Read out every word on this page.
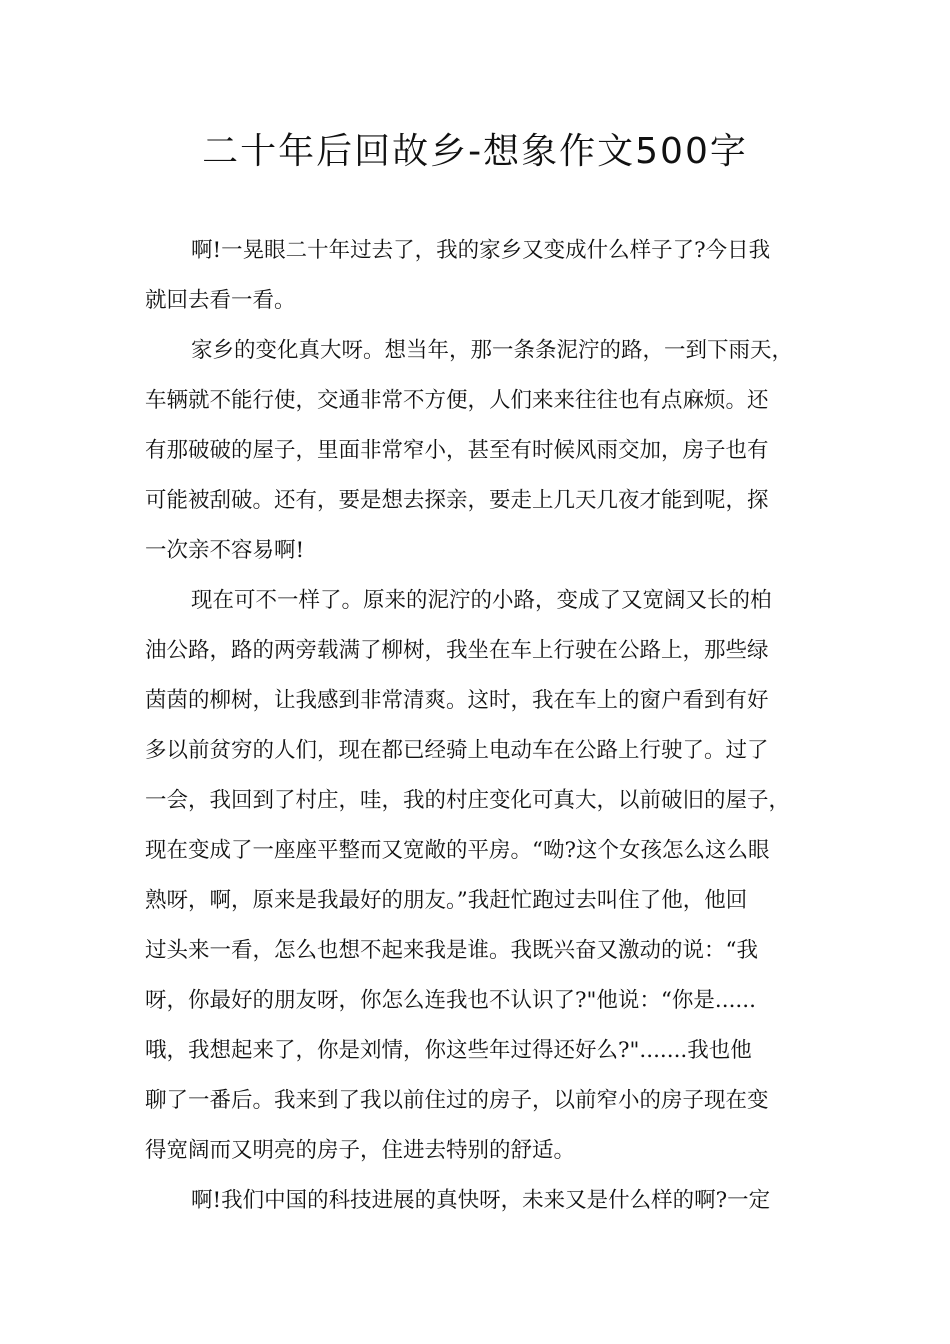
二十年后回故乡-想象作文500字
啊!一晃眼二十年过去了，我的家乡又变成什么样子了?今日我
就回去看一看。
家乡的变化真大呀。想当年，那一条条泥泞的路，一到下雨天，
车辆就不能行使，交通非常不方便，人们来来往往也有点麻烦。还
有那破破的屋子，里面非常窄小，甚至有时候风雨交加，房子也有
可能被刮破。还有，要是想去探亲，要走上几天几夜才能到呢，探
一次亲不容易啊!
现在可不一样了。原来的泥泞的小路，变成了又宽阔又长的柏
油公路，路的两旁载满了柳树，我坐在车上行驶在公路上，那些绿
茵茵的柳树，让我感到非常清爽。这时，我在车上的窗户看到有好
多以前贫穷的人们，现在都已经骑上电动车在公路上行驶了。过了
一会，我回到了村庄，哇，我的村庄变化可真大，以前破旧的屋子，
现在变成了一座座平整而又宽敞的平房。“呦?这个女孩怎么这么眼
熟呀，啊，原来是我最好的朋友。”我赶忙跑过去叫住了他，他回
过头来一看，怎么也想不起来我是谁。我既兴奋又激动的说：“我
呀，你最好的朋友呀，你怎么连我也不认识了?"他说：“你是......
哦，我想起来了，你是刘情，你这些年过得还好么?".......我也他
聊了一番后。我来到了我以前住过的房子，以前窄小的房子现在变
得宽阔而又明亮的房子，住进去特别的舒适。
啊!我们中国的科技进展的真快呀，未来又是什么样的啊?一定
